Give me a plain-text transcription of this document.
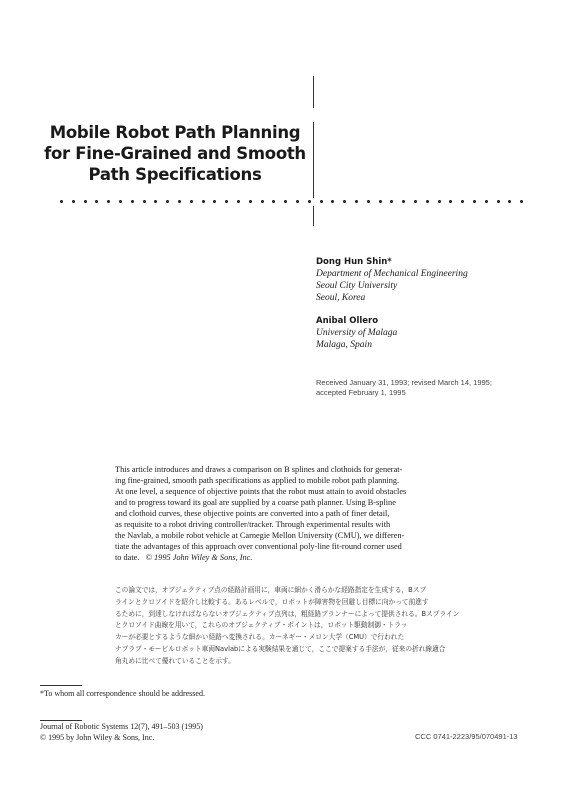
Mobile Robot Path Planning
for Fine-Grained and Smooth
Path Specifications
Dong Hun Shin*
Department of Mechanical Engineering
Seoul City University
Seoul, Korea
Anibal Ollero
University of Malaga
Malaga, Spain
Received January 31, 1993; revised March 14, 1995;
accepted February 1, 1995
This article introduces and draws a comparison on B splines and clothoids for generat-
ing fine-grained, smooth path specifications as applied to mobile robot path planning.
At one level, a sequence of objective points that the robot must attain to avoid obstacles
and to progress toward its goal are supplied by a coarse path planner. Using B-spline
and clothoid curves, these objective points are converted into a path of finer detail,
as requisite to a robot driving controller/tracker. Through experimental results with
the Navlab, a mobile robot vehicle at Carnegie Mellon University (CMU), we differen-
tiate the advantages of this approach over conventional poly-line fit-round corner used
to date. © 1995 John Wiley & Sons, Inc.
この論文では，オブジェクティブ点の経路計画用に，車両に細かく滑らかな経路指定を生成する，Bスプ
ラインとクロソイドを紹介し比較する。あるレベルで，ロボットが障害物を回避し目標に向かって前進す
るために，到達しなければならないオブジェクティブ点列は，粗経路プランナーによって提供される。Bスプライン
とクロソイド曲線を用いて，これらのオブジェクティブ・ポイントは，ロボット駆動制御・トラッ
カーが必要とするような細かい経路へ変換される。カーネギー・メロン大学（CMU）で行われた
ナブラブ・モービルロボット車両Navlabによる実験結果を通じて，ここで提案する手法が，従来の折れ線適合
角丸めに比べて優れていることを示す。
*To whom all correspondence should be addressed.
Journal of Robotic Systems 12(7), 491–503 (1995)
© 1995 by John Wiley & Sons, Inc.	CCC 0741-2223/95/070491-13
